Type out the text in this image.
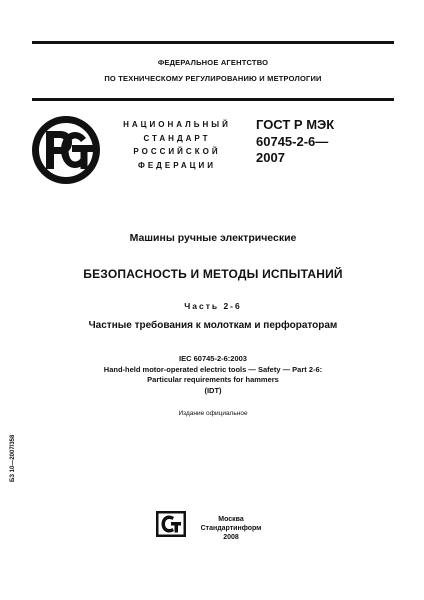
ФЕДЕРАЛЬНОЕ АГЕНТСТВО
ПО ТЕХНИЧЕСКОМУ РЕГУЛИРОВАНИЮ И МЕТРОЛОГИИ
НАЦИОНАЛЬНЫЙ
СТАНДАРТ
РОССИЙСКОЙ
ФЕДЕРАЦИИ
ГОСТ Р МЭК
60745-2-6—
2007
Машины ручные электрические
БЕЗОПАСНОСТЬ И МЕТОДЫ ИСПЫТАНИЙ
Часть 2-6
Частные требования к молоткам и перфораторам
IEC 60745-2-6:2003
Hand-held motor-operated electric tools — Safety — Part 2-6:
Particular requirements for hammers
(IDT)
Издание официальное
БЗ 10—2007/358
Москва
Стандартинформ
2008
